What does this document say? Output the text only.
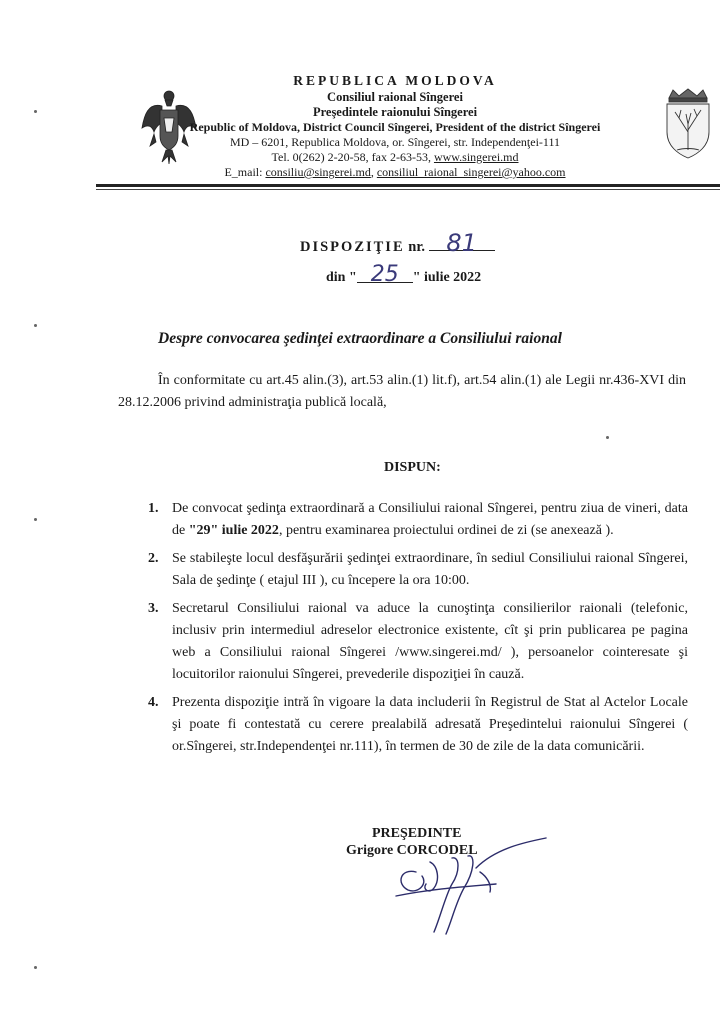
REPUBLICA MOLDOVA
Consiliul raional Sîngerei
Preşedintele raionului Sîngerei
Republic of Moldova, District Council Sîngerei, President of the district Sîngerei
MD – 6201, Republica Moldova, or. Sîngerei, str. Independenţei-111
Tel. 0(262) 2-20-58, fax 2-63-53, www.singerei.md
E_mail: consiliu@singerei.md, consiliul_raional_singerei@yahoo.com
DISPOZIŢIE nr. 81
din " 25 " iulie 2022
Despre convocarea şedinţei extraordinare a Consiliului raional
În conformitate cu art.45 alin.(3), art.53 alin.(1) lit.f), art.54 alin.(1) ale Legii nr.436-XVI din 28.12.2006 privind administraţia publică locală,
DISPUN:
1. De convocat şedinţa extraordinară a Consiliului raional Sîngerei, pentru ziua de vineri, data de "29" iulie 2022, pentru examinarea proiectului ordinei de zi (se anexează ).
2. Se stabileşte locul desfăşurării şedinţei extraordinare, în sediul Consiliului raional Sîngerei, Sala de şedinţe ( etajul III ), cu începere la ora 10:00.
3. Secretarul Consiliului raional va aduce la cunoştinţa consilierilor raionali (telefonic, inclusiv prin intermediul adreselor electronice existente, cît şi prin publicarea pe pagina web a Consiliului raional Sîngerei /www.singerei.md/ ), persoanelor cointeresate şi locuitorilor raionului Sîngerei, prevederile dispoziţiei în cauză.
4. Prezenta dispoziţie intră în vigoare la data includerii în Registrul de Stat al Actelor Locale şi poate fi contestată cu cerere prealabilă adresată Preşedintelui raionului Sîngerei ( or.Sîngerei, str.Independenţei nr.111), în termen de 30 de zile de la data comunicării.
PREŞEDINTE
Grigore CORCODEL
